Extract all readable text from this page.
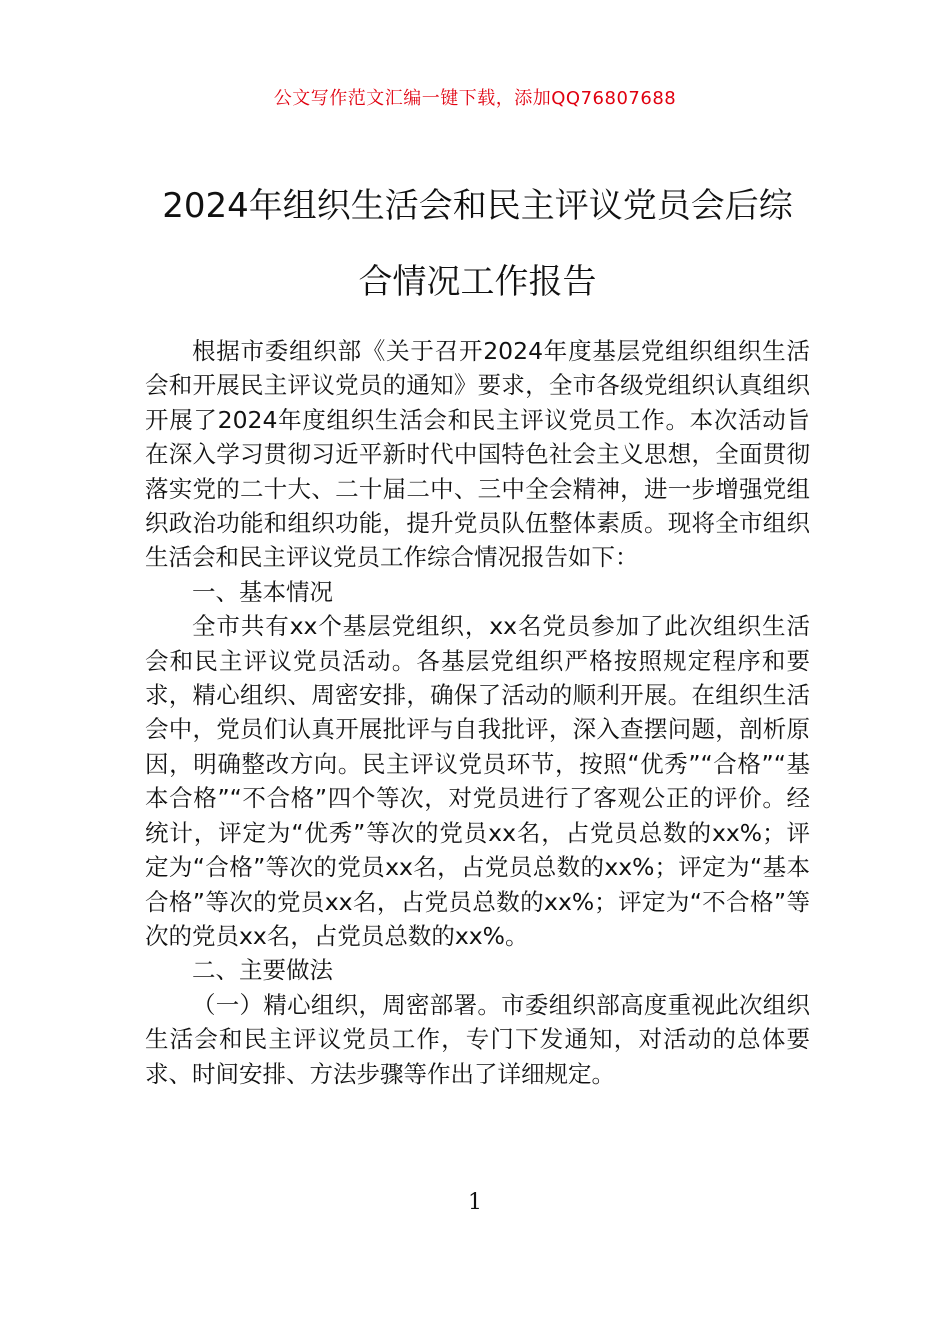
公文写作范文汇编一键下载，添加QQ76807688
2024年组织生活会和民主评议党员会后综
合情况工作报告

根据市委组织部《关于召开2024年度基层党组织组织生活会和开展民主评议党员的通知》要求，全市各级党组织认真组织开展了2024年度组织生活会和民主评议党员工作。本次活动旨在深入学习贯彻习近平新时代中国特色社会主义思想，全面贯彻落实党的二十大、二十届二中、三中全会精神，进一步增强党组织政治功能和组织功能，提升党员队伍整体素质。现将全市组织生活会和民主评议党员工作综合情况报告如下：

一、基本情况

全市共有xx个基层党组织，xx名党员参加了此次组织生活会和民主评议党员活动。各基层党组织严格按照规定程序和要求，精心组织、周密安排，确保了活动的顺利开展。在组织生活会中，党员们认真开展批评与自我批评，深入查摆问题，剖析原因，明确整改方向。民主评议党员环节，按照“优秀”“合格”“基本合格”“不合格”四个等次，对党员进行了客观公正的评价。经统计，评定为“优秀”等次的党员xx名，占党员总数的xx%；评定为“合格”等次的党员xx名，占党员总数的xx%；评定为“基本合格”等次的党员xx名，占党员总数的xx%；评定为“不合格”等次的党员xx名，占党员总数的xx%。

二、主要做法

（一）精心组织，周密部署。市委组织部高度重视此次组织生活会和民主评议党员工作，专门下发通知，对活动的总体要求、时间安排、方法步骤等作出了详细规定。

1
